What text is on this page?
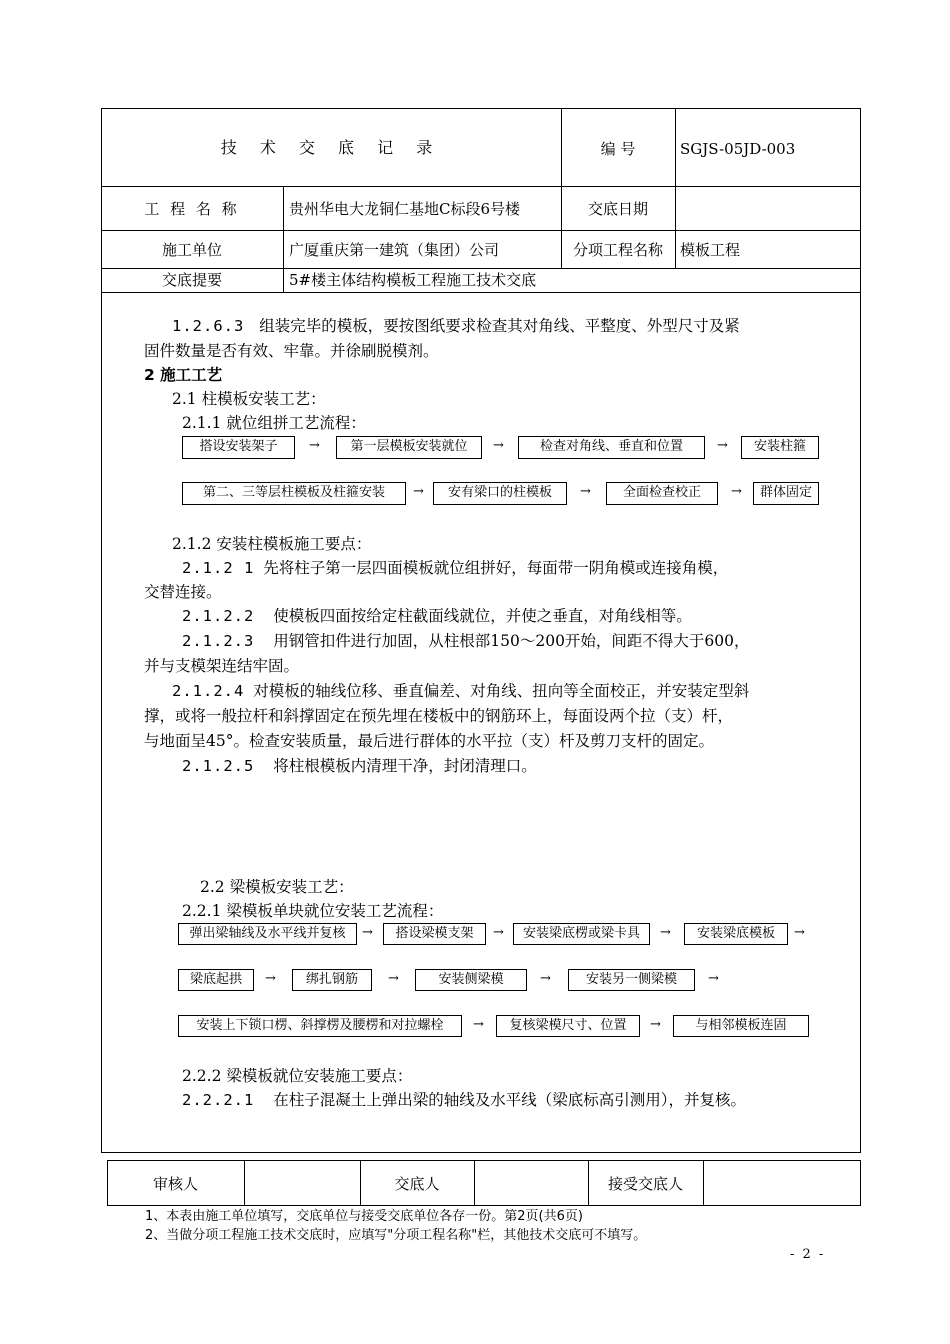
技 术 交 底 记 录	编 号	SGJS-05JD-003
工 程 名 称	贵州华电大龙铜仁基地C标段6号楼	交底日期
施工单位	广厦重庆第一建筑（集团）公司	分项工程名称	模板工程
交底提要	5#楼主体结构模板工程施工技术交底
1.2.6.3 组装完毕的模板，要按图纸要求检查其对角线、平整度、外型尺寸及紧
固件数量是否有效、牢靠。并徐刷脱模剂。
2 施工工艺
2.1 柱模板安装工艺：
2.1.1 就位组拼工艺流程：
搭设安装架子	→	第一层模板安装就位	→	检查对角线、垂直和位置	→	安装柱箍
第二、三等层柱模板及柱箍安装	→	安有梁口的柱模板	→	全面检查校正	→	群体固定
2.1.2 安装柱模板施工要点：
2.1.2 1 先将柱子第一层四面模板就位组拼好，每面带一阴角模或连接角模，
交替连接。
2.1.2.2 使模板四面按给定柱截面线就位，并使之垂直，对角线相等。
2.1.2.3 用钢管扣件进行加固，从柱根部150～200开始，间距不得大于600，
并与支模架连结牢固。
2.1.2.4 对模板的轴线位移、垂直偏差、对角线、扭向等全面校正，并安装定型斜
撑，或将一般拉杆和斜撑固定在预先埋在楼板中的钢筋环上，每面设两个拉（支）杆，
与地面呈45°。检查安装质量，最后进行群体的水平拉（支）杆及剪刀支杆的固定。
2.1.2.5 将柱根模板内清理干净，封闭清理口。
2.2 梁模板安装工艺：
2.2.1 梁模板单块就位安装工艺流程：
弹出梁轴线及水平线并复核	→	搭设梁模支架	→	安装梁底楞或梁卡具	→	安装梁底模板	→
梁底起拱	→	绑扎钢筋	→	安装侧梁模	→	安装另一侧梁模	→
安装上下锁口楞、斜撑楞及腰楞和对拉螺栓	→	复核梁模尺寸、位置	→	与相邻模板连固
2.2.2 梁模板就位安装施工要点：
2.2.2.1 在柱子混凝土上弹出梁的轴线及水平线（梁底标高引测用），并复核。
审核人	交底人	接受交底人
1、本表由施工单位填写，交底单位与接受交底单位各存一份。第2页(共6页)
2、当做分项工程施工技术交底时，应填写"分项工程名称"栏，其他技术交底可不填写。
- 2 -
